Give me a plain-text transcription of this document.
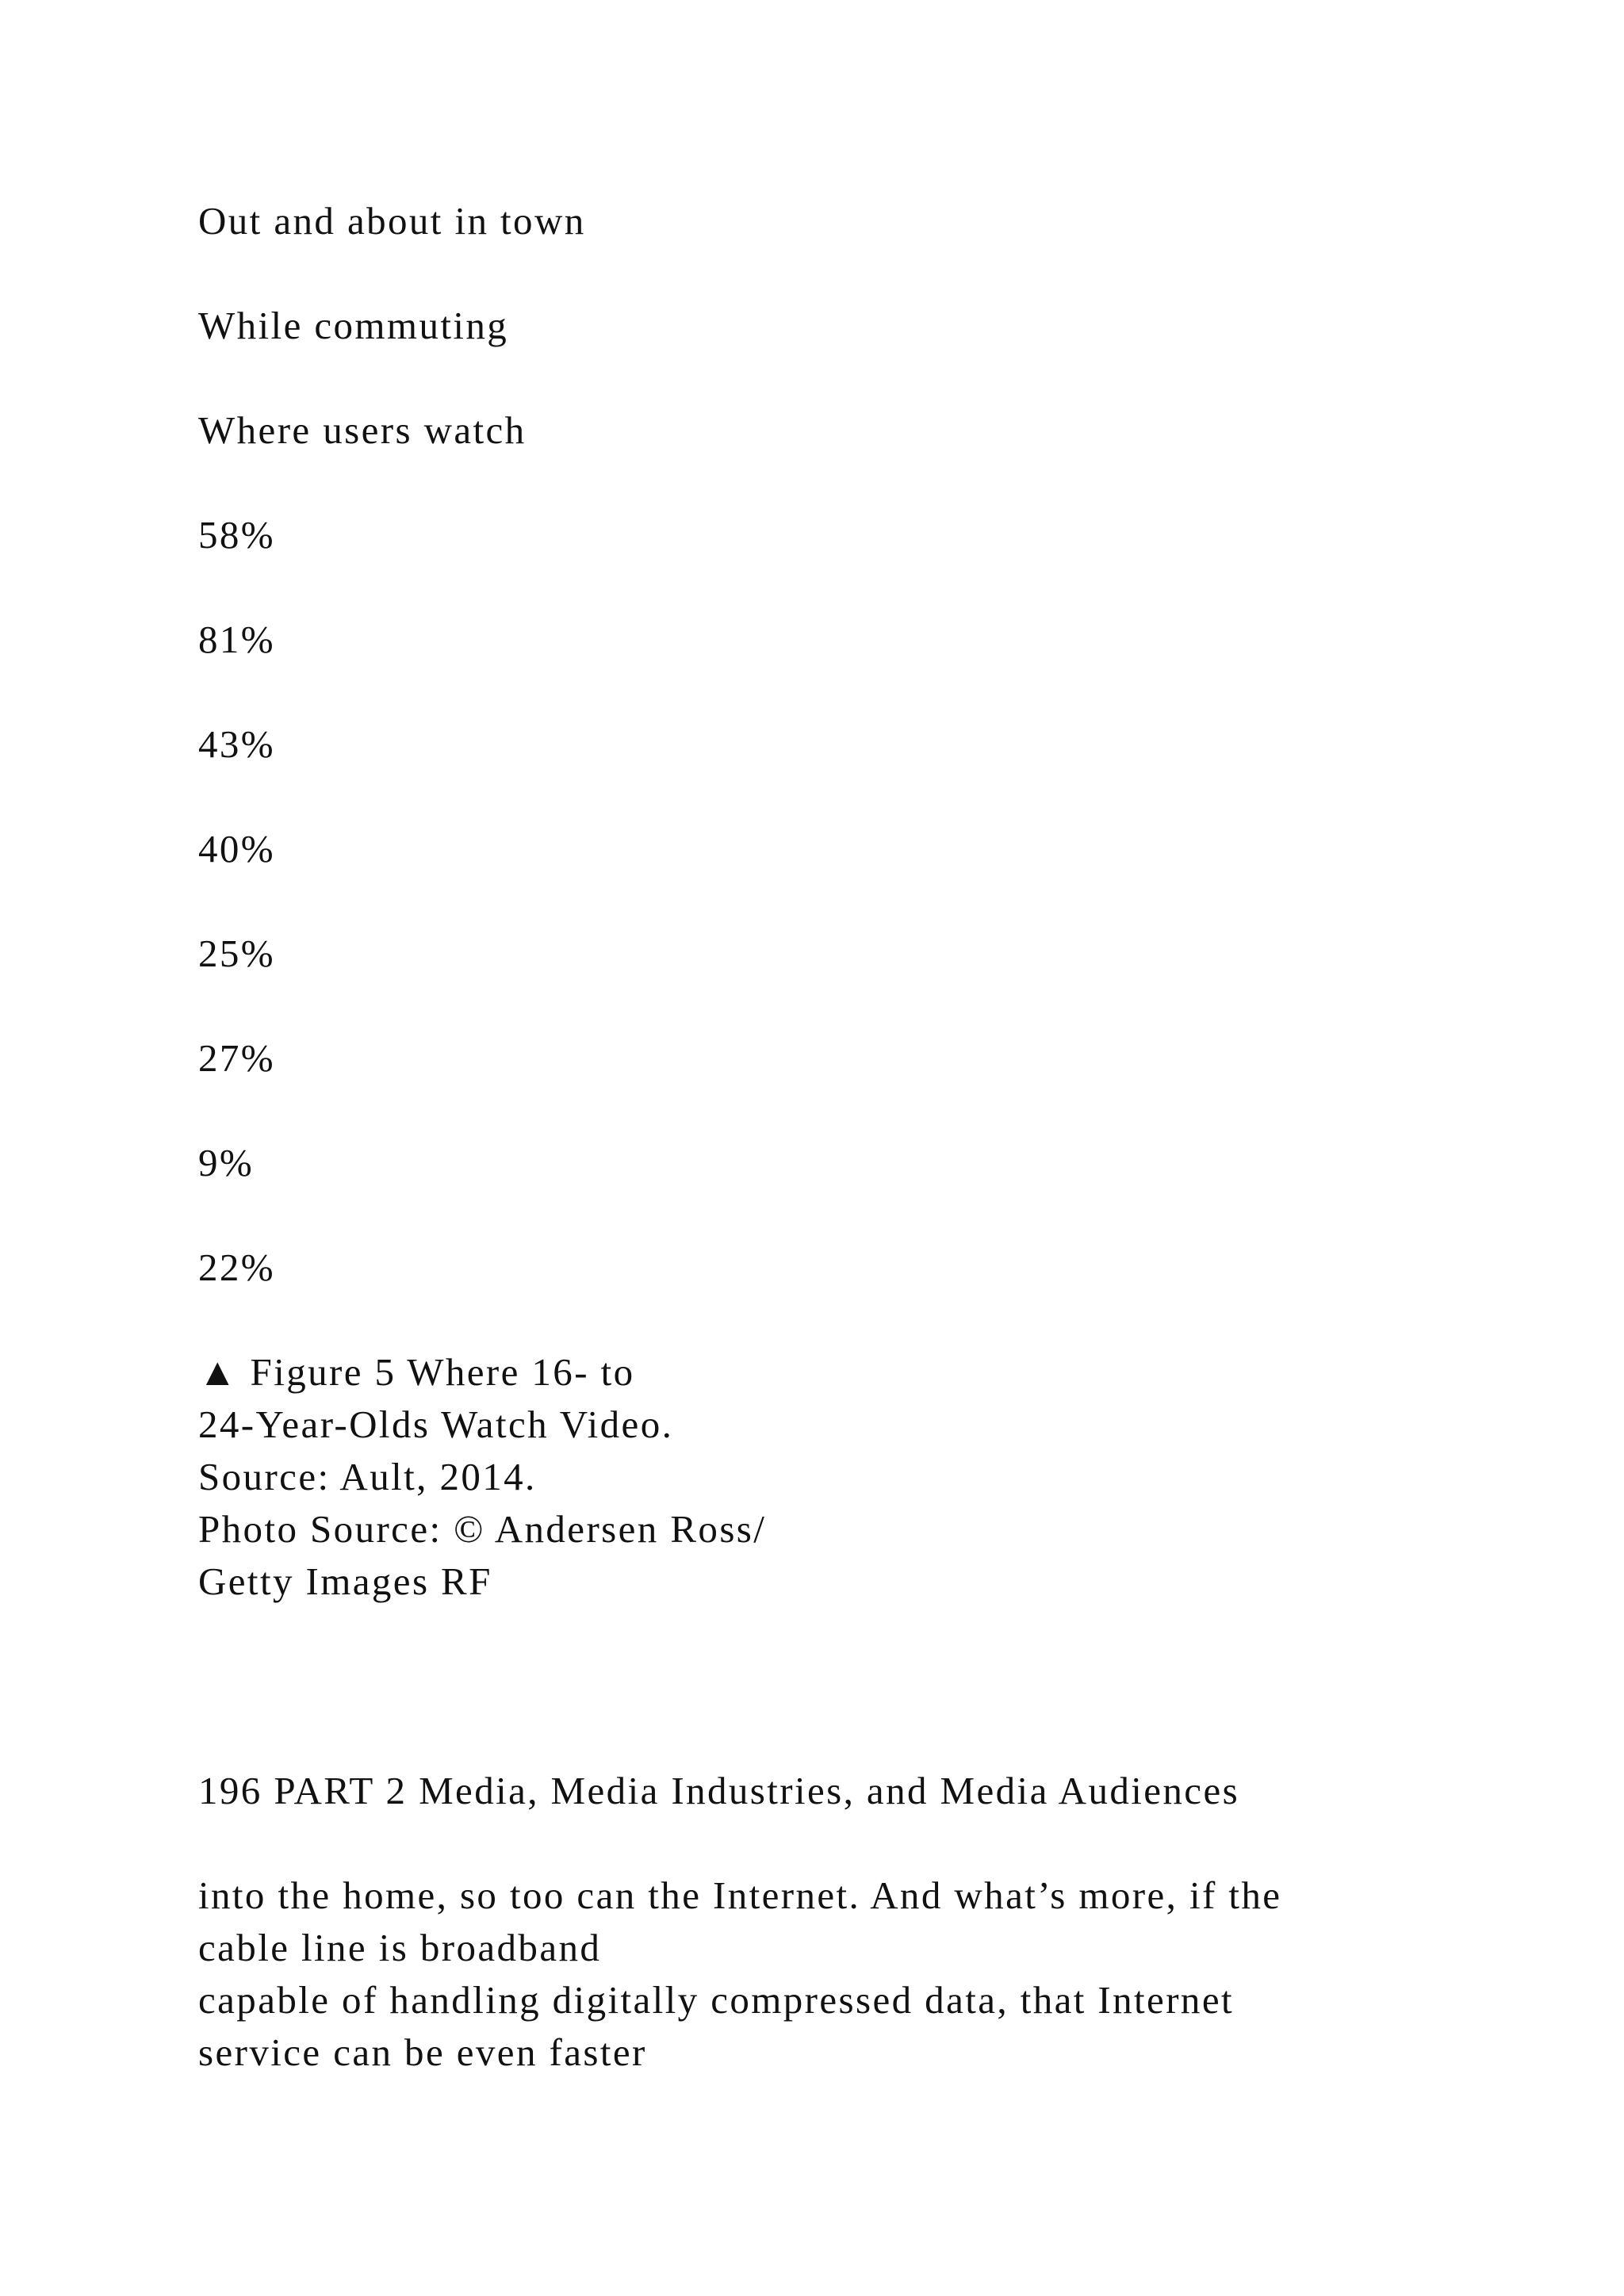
Out and about in town

While commuting

Where users watch

58%

81%

43%

40%

25%

27%

9%

22%

▲ Figure 5 Where 16- to
24-Year-Olds Watch Video.
Source: Ault, 2014.
Photo Source: © Andersen Ross/
Getty Images RF

196 PART 2 Media, Media Industries, and Media Audiences

into the home, so too can the Internet. And what’s more, if the
cable line is broadband
capable of handling digitally compressed data, that Internet
service can be even faster
